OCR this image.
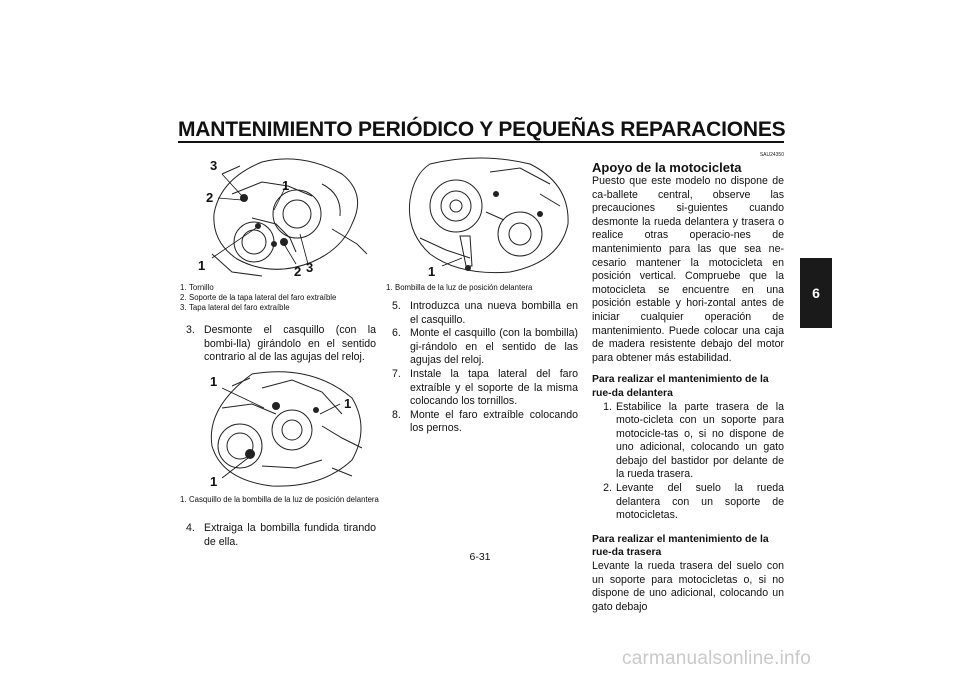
MANTENIMIENTO PERIÓDICO Y PEQUEÑAS REPARACIONES
6
3
2
1
1	2 3
1. Tornillo
2. Soporte de la tapa lateral del faro extraíble
3. Tapa lateral del faro extraíble
3. Desmonte el casquillo (con la bombi-lla) girándolo en el sentido contrario al de las agujas del reloj.
1
1
1
1. Casquillo de la bombilla de la luz de posición delantera
4. Extraiga la bombilla fundida tirando de ella.
1
1. Bombilla de la luz de posición delantera
5. Introduzca una nueva bombilla en el casquillo.
6. Monte el casquillo (con la bombilla) gi-rándolo en el sentido de las agujas del reloj.
7. Instale la tapa lateral del faro extraíble y el soporte de la misma colocando los tornillos.
8. Monte el faro extraíble colocando los pernos.
SAU24350
Apoyo de la motocicleta
Puesto que este modelo no dispone de ca-ballete central, observe las precauciones si-guientes cuando desmonte la rueda delantera y trasera o realice otras operacio-nes de mantenimiento para las que sea ne-cesario mantener la motocicleta en posición vertical. Compruebe que la motocicleta se encuentre en una posición estable y hori-zontal antes de iniciar cualquier operación de mantenimiento. Puede colocar una caja de madera resistente debajo del motor para obtener más estabilidad.
Para realizar el mantenimiento de la rue-da delantera
1. Estabilice la parte trasera de la moto-cicleta con un soporte para motocicle-tas o, si no dispone de uno adicional, colocando un gato debajo del bastidor por delante de la rueda trasera.
2. Levante del suelo la rueda delantera con un soporte de motocicletas.
Para realizar el mantenimiento de la rue-da trasera
Levante la rueda trasera del suelo con un soporte para motocicletas o, si no dispone de uno adicional, colocando un gato debajo
6-31
carmanualsonline.info
